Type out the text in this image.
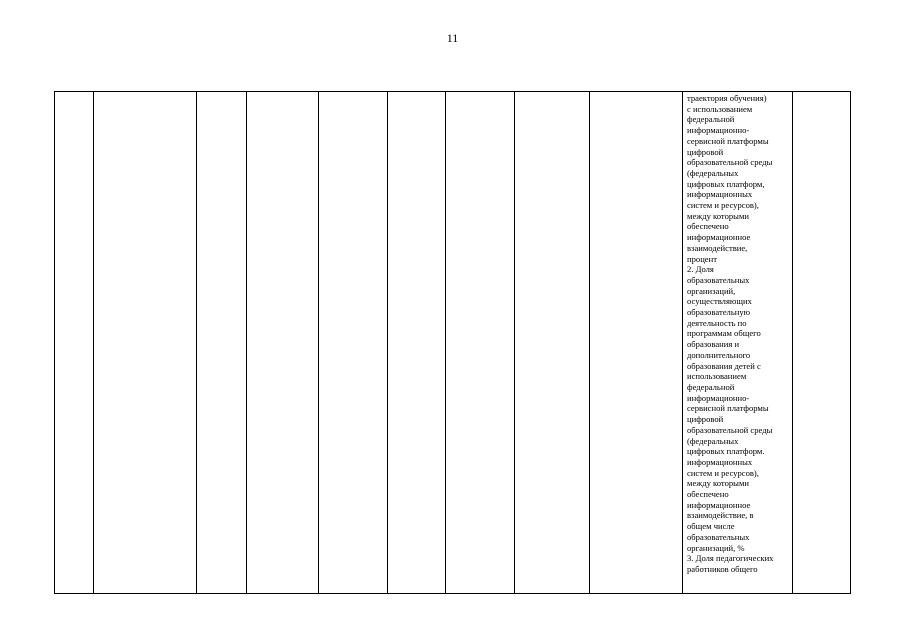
11

траектория обучения)
с использованием
федеральной
информационно-
сервисной платформы
цифровой
образовательной среды
(федеральных
цифровых платформ,
информационных
систем и ресурсов),
между которыми
обеспечено
информационное
взаимодействие,
процент
2. Доля
образовательных
организаций,
осуществляющих
образовательную
деятельность по
программам общего
образования и
дополнительного
образования детей с
использованием
федеральной
информационно-
сервисной платформы
цифровой
образовательной среды
(федеральных
цифровых платформ.
информационных
систем и ресурсов),
между которыми
обеспечено
информационное
взаимодействие, в
общем числе
образовательных
организаций, %
3. Доля педагогических
работников общего
